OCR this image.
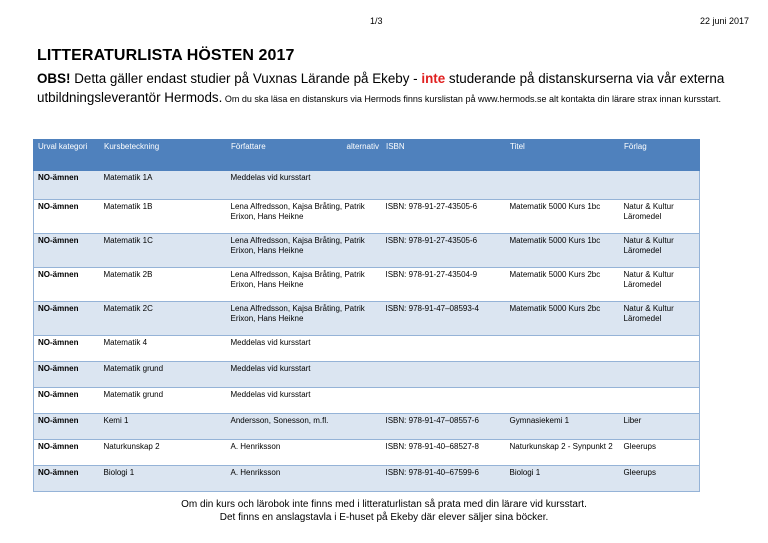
1/3	22 juni 2017
LITTERATURLISTA HÖSTEN 2017
OBS! Detta gäller endast studier på Vuxnas Lärande på Ekeby - inte studerande på distanskurserna via vår externa utbildningsleverantör Hermods. Om du ska läsa en distanskurs via Hermods finns kurslistan på www.hermods.se alt kontakta din lärare strax innan kursstart.
Urval kategori	Kursbeteckning	Författare alternativ	ISBN	Titel	Förlag
NO-ämnen	Matematik 1A	Meddelas vid kursstart			
NO-ämnen	Matematik 1B	Lena Alfredsson, Kajsa Bråting, Patrik Erixon, Hans Heikne	ISBN: 978-91-27-43505-6	Matematik 5000 Kurs 1bc	Natur & Kultur Läromedel
NO-ämnen	Matematik 1C	Lena Alfredsson, Kajsa Bråting, Patrik Erixon, Hans Heikne	ISBN: 978-91-27-43505-6	Matematik 5000 Kurs 1bc	Natur & Kultur Läromedel
NO-ämnen	Matematik 2B	Lena Alfredsson, Kajsa Bråting, Patrik Erixon, Hans Heikne	ISBN: 978-91-27-43504-9	Matematik 5000 Kurs 2bc	Natur & Kultur Läromedel
NO-ämnen	Matematik 2C	Lena Alfredsson, Kajsa Bråting, Patrik Erixon, Hans Heikne	ISBN: 978-91-47–08593-4	Matematik 5000 Kurs 2bc	Natur & Kultur Läromedel
NO-ämnen	Matematik 4	Meddelas vid kursstart			
NO-ämnen	Matematik grund	Meddelas vid kursstart			
NO-ämnen	Matematik grund	Meddelas vid kursstart			
NO-ämnen	Kemi 1	Andersson, Sonesson, m.fl.	ISBN: 978-91-47–08557-6	Gymnasiekemi 1	Liber
NO-ämnen	Naturkunskap 2	A. Henriksson	ISBN: 978-91-40–68527-8	Naturkunskap 2 - Synpunkt 2	Gleerups
NO-ämnen	Biologi 1	A. Henriksson	ISBN: 978-91-40–67599-6	Biologi 1	Gleerups
Om din kurs och lärobok inte finns med i litteraturlistan så prata med din lärare vid kursstart.
Det finns en anslagstavla i E-huset på Ekeby där elever säljer sina böcker.
